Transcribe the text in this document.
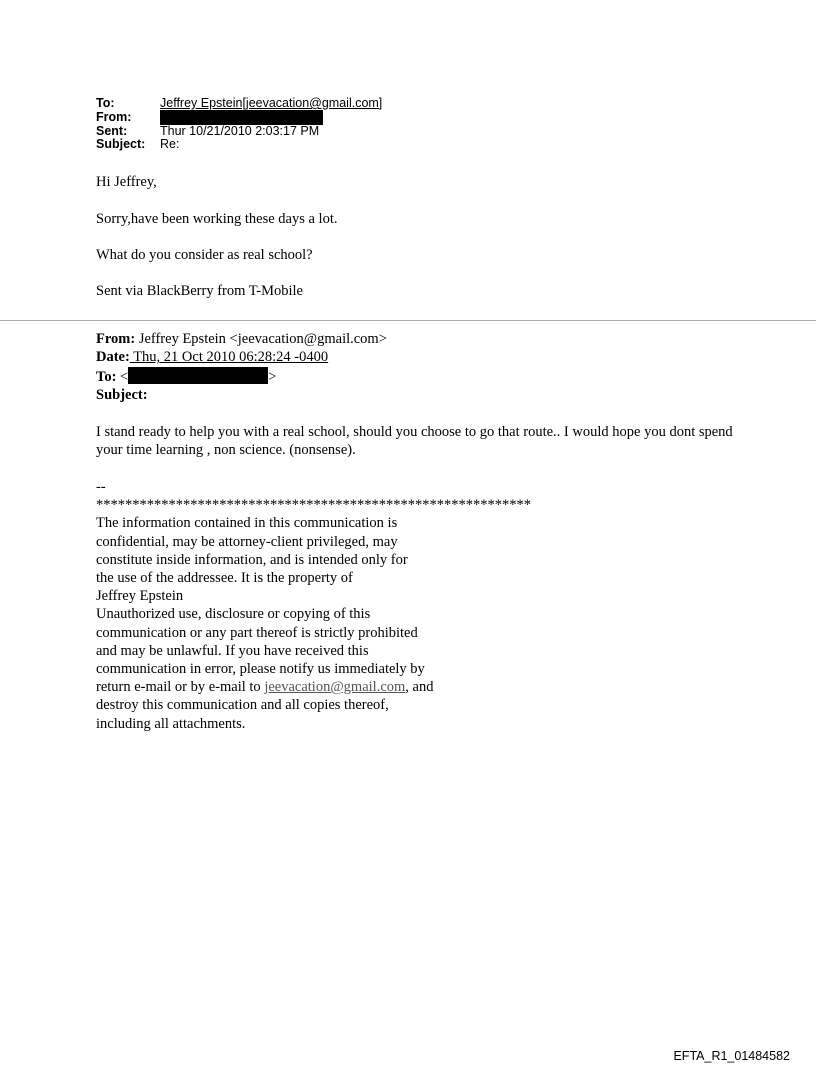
To:	Jeffrey Epstein[jeevacation@gmail.com]
From:
Sent:	Thur 10/21/2010 2:03:17 PM
Subject:	Re:
Hi Jeffrey,
Sorry,have been working these days a lot.
What do you consider as real school?
Sent via BlackBerry from T-Mobile
From: Jeffrey Epstein <jeevacation@gmail.com>
Date: Thu, 21 Oct 2010 06:28:24 -0400
To: <	>
Subject:
I stand ready to help you with a real school, should you choose to go that route.. I would hope you dont spend your time learning , non science. (nonsense).
--
************************************************************
The information contained in this communication is
confidential, may be attorney-client privileged, may
constitute inside information, and is intended only for
the use of the addressee. It is the property of
Jeffrey Epstein
Unauthorized use, disclosure or copying of this
communication or any part thereof is strictly prohibited
and may be unlawful. If you have received this
communication in error, please notify us immediately by
return e-mail or by e-mail to jeevacation@gmail.com, and
destroy this communication and all copies thereof,
including all attachments.
EFTA_R1_01484582
